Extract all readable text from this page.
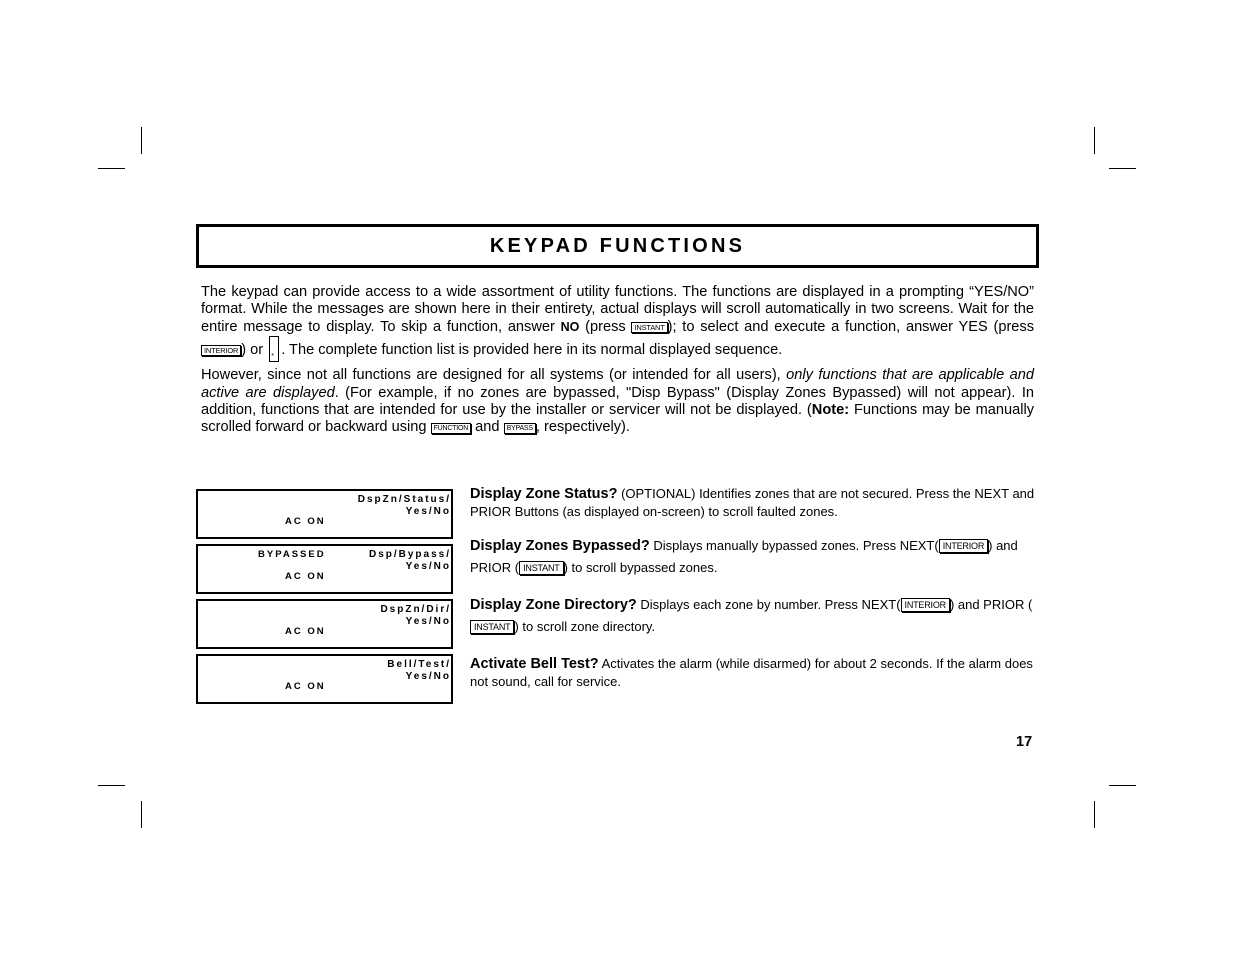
KEYPAD FUNCTIONS

The keypad can provide access to a wide assortment of utility functions. The functions are displayed in a prompting “YES/NO” format. While the messages are shown here in their entirety, actual displays will scroll automatically in two screens. Wait for the entire message to display. To skip a function, answer NO (press INSTANT ); to select and execute a function, answer YES (press INTERIOR ) or * . The complete function list is provided here in its normal displayed sequence.

However, since not all functions are designed for all systems (or intended for all users), only functions that are applicable and active are displayed. (For example, if no zones are bypassed, "Disp Bypass" (Display Zones Bypassed) will not appear). In addition, functions that are intended for use by the installer or servicer will not be displayed. (Note: Functions may be manually scrolled forward or backward using FUNCTION and BYPASS , respectively).

DspZn/Status/
Yes/No
AC ON
BYPASSED	Dsp/Bypass/
Yes/No
AC ON
DspZn/Dir/
Yes/No
AC ON
Bell/Test/
Yes/No
AC ON
Display Zone Status? (OPTIONAL) Identifies zones that are not secured. Press the NEXT and PRIOR Buttons (as displayed on-screen) to scroll faulted zones.
Display Zones Bypassed? Displays manually bypassed zones. Press NEXT( INTERIOR ) and PRIOR ( INSTANT ) to scroll bypassed zones.
Display Zone Directory? Displays each zone by number. Press NEXT( INTERIOR ) and PRIOR (INSTANT ) to scroll zone directory.
Activate Bell Test? Activates the alarm (while disarmed) for about 2 seconds. If the alarm does not sound, call for service.
17
